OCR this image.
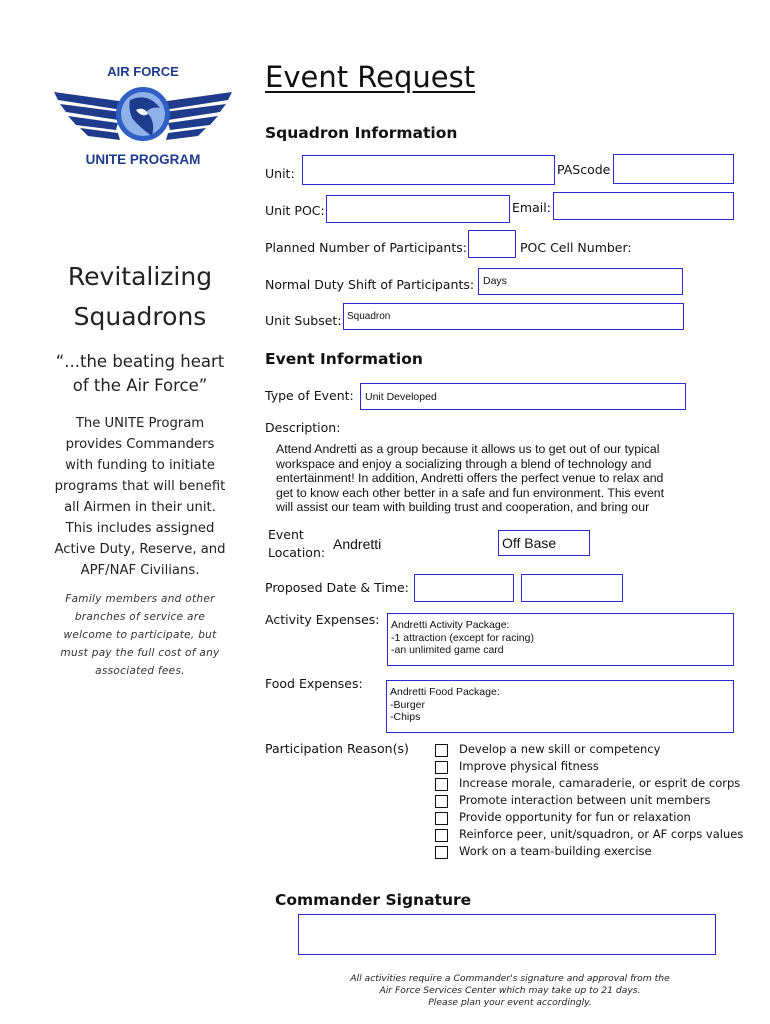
AIR FORCE
UNITE PROGRAM
Revitalizing
Squadrons
“...the beating heart
of the Air Force”
The UNITE Program
provides Commanders
with funding to initiate
programs that will benefit
all Airmen in their unit.
This includes assigned
Active Duty, Reserve, and
APF/NAF Civilians.
Family members and other
branches of service are
welcome to participate, but
must pay the full cost of any
associated fees.
Event Request
Squadron Information
Unit:	PAScode
Unit POC:	Email:
Planned Number of Participants:	POC Cell Number:
Normal Duty Shift of Participants: Days
Unit Subset: Squadron
Event Information
Type of Event: Unit Developed
Description:
Attend Andretti as a group because it allows us to get out of our typical
workspace and enjoy a socializing through a blend of technology and
entertainment! In addition, Andretti offers the perfect venue to relax and
get to know each other better in a safe and fun environment. This event
will assist our team with building trust and cooperation, and bring our
Event
Location:
Andretti	Off Base
Proposed Date & Time:
Activity Expenses: Andretti Activity Package:
-1 attraction (except for racing)
-an unlimited game card
Food Expenses:
Andretti Food Package:
-Burger
-Chips
Participation Reason(s)	Develop a new skill or competency
Improve physical fitness
Increase morale, camaraderie, or esprit de corps
Promote interaction between unit members
Provide opportunity for fun or relaxation
Reinforce peer, unit/squadron, or AF corps values
Work on a team-building exercise
Commander Signature
All activities require a Commander's signature and approval from the
Air Force Services Center which may take up to 21 days.
Please plan your event accordingly.
